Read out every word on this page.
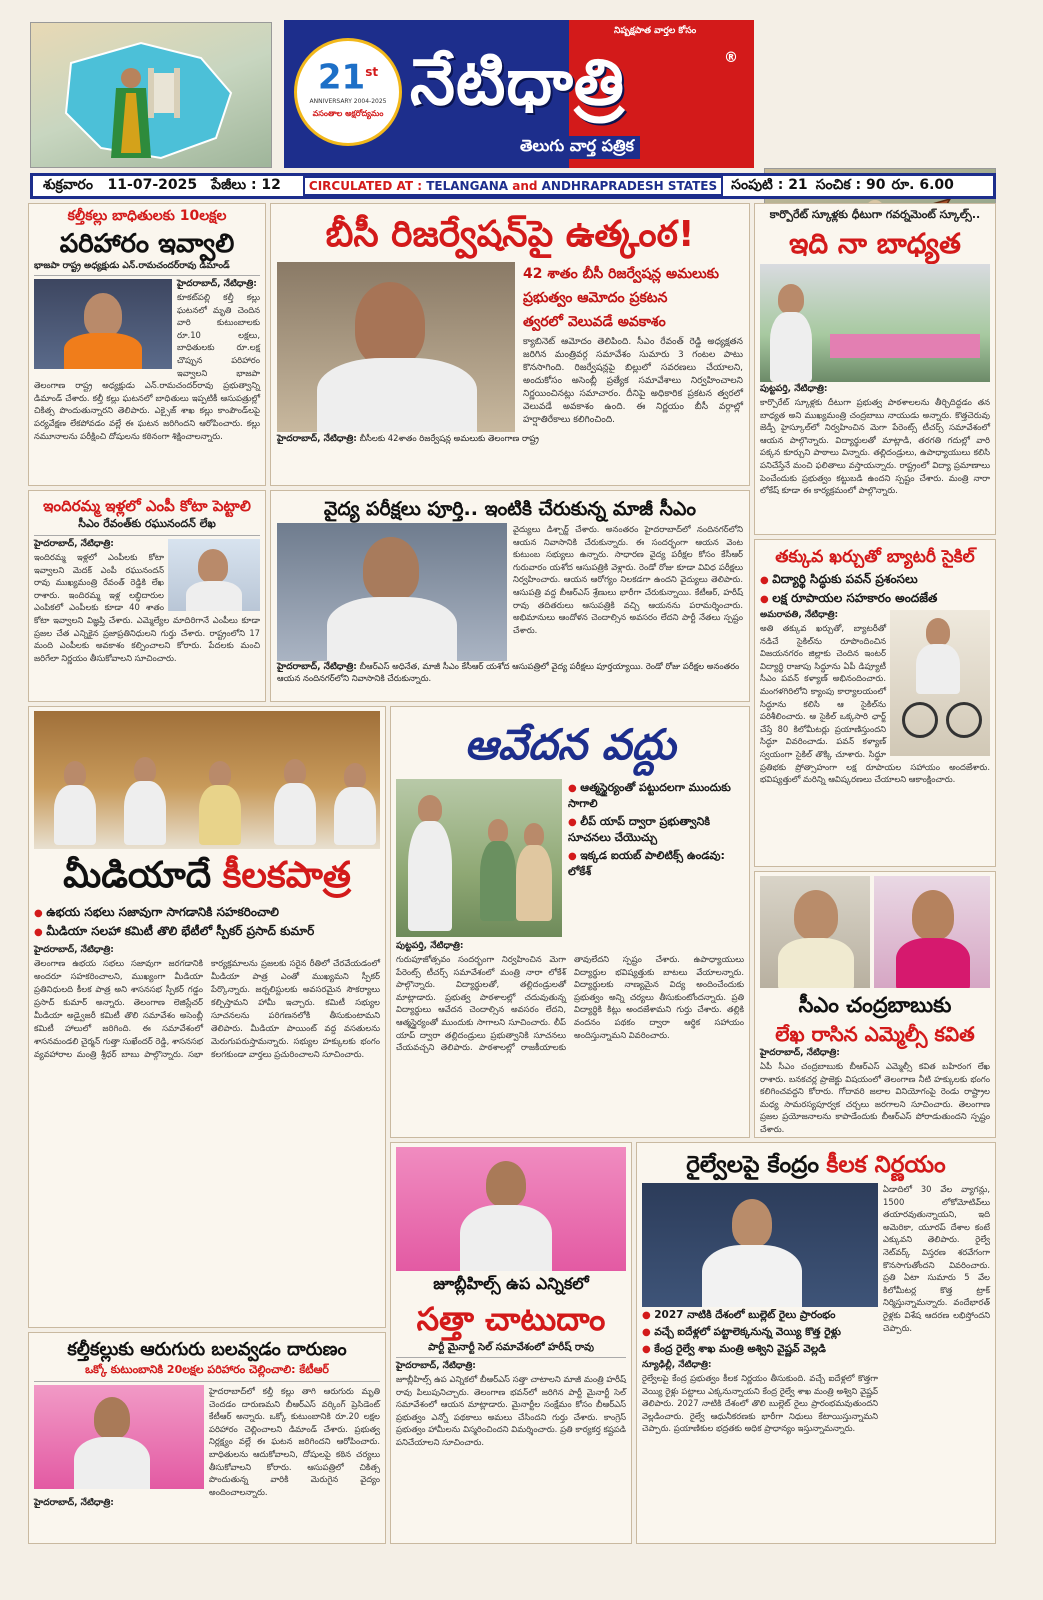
21st
ANNIVERSARY 2004-2025
వసంతాల అక్షరోద్యమం
నిష్పక్షపాత వార్తల కోసం
నేటిధాత్రి	®
తెలుగు వార్త పత్రిక
శుక్రవారం   11-07-2025 పేజీలు : 12 CIRCULATED AT :
TELANGANA
and
ANDHRAPRADESH
STATES సంపుటి : 21 సంచిక : 90 రూ. 6.00
కల్తీకల్లు బాధితులకు 10లక్షల
పరిహారం ఇవ్వాలి
భాజపా రాష్ట్ర అధ్యక్షుడు ఎన్.రామచందర్‌రావు డిమాండ్
హైదరాబాద్, నేటిధాత్రి:
కూకట్‌పల్లి కల్తీ కల్లు ఘటనలో మృతి చెందిన వారి కుటుంబాలకు రూ.10 లక్షలు, బాధితులకు రూ.లక్ష చొప్పున పరిహారం ఇవ్వాలని భాజపా తెలంగాణ రాష్ట్ర అధ్యక్షుడు ఎన్.రామచందర్‌రావు ప్రభుత్వాన్ని డిమాండ్ చేశారు. కల్తీ కల్లు ఘటనలో బాధితులు ఇప్పటికీ ఆసుపత్రుల్లో చికిత్స పొందుతున్నారని తెలిపారు. ఎక్సైజ్ శాఖ కల్లు కాంపౌండ్‌లపై పర్యవేక్షణ లేకపోవడం వల్లే ఈ ఘటన జరిగిందని ఆరోపించారు. కల్లు నమూనాలను పరీక్షించి దోషులను కఠినంగా శిక్షించాలన్నారు.
బీసీ రిజర్వేషన్‌పై ఉత్కంఠ!
42 శాతం బీసీ రిజర్వేషన్ల అమలుకు
ప్రభుత్వం ఆమోదం ప్రకటన
త్వరలో వెలువడే అవకాశం
క్యాబినెట్ ఆమోదం తెలిపింది. సీఎం రేవంత్ రెడ్డి అధ్యక్షతన జరిగిన మంత్రివర్గ సమావేశం సుమారు 3 గంటల పాటు కొనసాగింది. రిజర్వేషన్లపై బిల్లులో సవరణలు చేయాలని, అందుకోసం అసెంబ్లీ ప్రత్యేక సమావేశాలు నిర్వహించాలని నిర్ణయించినట్లు సమాచారం. దీనిపై అధికారిక ప్రకటన త్వరలో వెలువడే అవకాశం ఉంది. ఈ నిర్ణయం బీసీ వర్గాల్లో హర్షాతిరేకాలు కలిగించింది.
హైదరాబాద్, నేటిధాత్రి: బీసీలకు 42శాతం రిజర్వేషన్ల అమలుకు తెలంగాణ రాష్ట్ర
కార్పొరేట్ స్కూళ్లకు ధీటుగా గవర్నమెంట్ స్కూల్స్..
ఇది నా బాధ్యత
పుట్టపర్తి, నేటిధాత్రి:
కార్పొరేట్ స్కూళ్లకు దీటుగా ప్రభుత్వ పాఠశాలలను తీర్చిదిద్దడం తన బాధ్యత అని ముఖ్యమంత్రి చంద్రబాబు నాయుడు అన్నారు. కొత్తచెరువు జెడ్పీ హైస్కూల్‌లో నిర్వహించిన మెగా పేరెంట్స్ టీచర్స్ సమావేశంలో ఆయన పాల్గొన్నారు. విద్యార్థులతో మాట్లాడి, తరగతి గదుల్లో వారి పక్కన కూర్చుని పాఠాలు విన్నారు. తల్లిదండ్రులు, ఉపాధ్యాయులు కలిసి పనిచేస్తేనే మంచి ఫలితాలు వస్తాయన్నారు. రాష్ట్రంలో విద్యా ప్రమాణాలు పెంచేందుకు ప్రభుత్వం కట్టుబడి ఉందని స్పష్టం చేశారు. మంత్రి నారా లోకేష్ కూడా ఈ కార్యక్రమంలో పాల్గొన్నారు.
ఇందిరమ్మ ఇళ్లలో ఎంపీ కోటా పెట్టాలి
సీఎం రేవంత్‌కు రఘునందన్ లేఖ
హైదరాబాద్, నేటిధాత్రి:
ఇందిరమ్మ ఇళ్లలో ఎంపీలకు కోటా ఇవ్వాలని మెదక్ ఎంపీ రఘునందన్ రావు ముఖ్యమంత్రి రేవంత్ రెడ్డికి లేఖ రాశారు. ఇందిరమ్మ ఇళ్ల లబ్ధిదారుల ఎంపికలో ఎంపీలకు కూడా 40 శాతం కోటా ఇవ్వాలని విజ్ఞప్తి చేశారు. ఎమ్మెల్యేల మాదిరిగానే ఎంపీలు కూడా ప్రజల చేత ఎన్నికైన ప్రజాప్రతినిధులని గుర్తు చేశారు. రాష్ట్రంలోని 17 మంది ఎంపీలకు అవకాశం కల్పించాలని కోరారు. పేదలకు మంచి జరిగేలా నిర్ణయం తీసుకోవాలని సూచించారు.
వైద్య పరీక్షలు పూర్తి.. ఇంటికి చేరుకున్న మాజీ సీఎం
వైద్యులు డిశ్చార్జ్ చేశారు. అనంతరం హైదరాబాద్‌లో నందినగర్‌లోని ఆయన నివాసానికి చేరుకున్నారు. ఈ సందర్భంగా ఆయన వెంట కుటుంబ సభ్యులు ఉన్నారు. సాధారణ వైద్య పరీక్షల కోసం కేసీఆర్ గురువారం యశోద ఆసుపత్రికి వెళ్లారు. రెండో రోజు కూడా వివిధ పరీక్షలు నిర్వహించారు. ఆయన ఆరోగ్యం నిలకడగా ఉందని వైద్యులు తెలిపారు. ఆసుపత్రి వద్ద బీఆర్ఎస్ శ్రేణులు భారీగా చేరుకున్నాయి. కేటీఆర్, హరీష్ రావు తదితరులు ఆసుపత్రికి వచ్చి ఆయనను పరామర్శించారు. అభిమానులు ఆందోళన చెందాల్సిన అవసరం లేదని పార్టీ నేతలు స్పష్టం చేశారు.
హైదరాబాద్, నేటిధాత్రి: బీఆర్ఎస్ అధినేత, మాజీ సీఎం కేసీఆర్ యశోద ఆసుపత్రిలో వైద్య పరీక్షలు పూర్తయ్యాయి. రెండో రోజు పరీక్షల అనంతరం ఆయన నందినగర్‌లోని నివాసానికి చేరుకున్నారు.
తక్కువ ఖర్చుతో బ్యాటరీ సైకిల్
● విద్యార్థి సిద్ధుకు పవన్ ప్రశంసలు
● లక్ష రూపాయల సహకారం అందజేత
అమరావతి, నేటిధాత్రి:
అతి తక్కువ ఖర్చుతో, బ్యాటరీతో నడిచే సైకిల్‌ను రూపొందించిన విజయనగరం జిల్లాకు చెందిన ఇంటర్ విద్యార్థి రాజాపు సిద్ధూను ఏపీ డిప్యూటీ సీఎం పవన్ కళ్యాణ్ అభినందించారు. మంగళగిరిలోని క్యాంపు కార్యాలయంలో సిద్ధూను కలిసి ఆ సైకిల్‌ను పరిశీలించారు. ఆ సైకిల్ ఒక్కసారి ఛార్జ్ చేస్తే 80 కిలోమీటర్లు ప్రయాణిస్తుందని సిద్ధూ వివరించాడు. పవన్ కళ్యాణ్ స్వయంగా సైకిల్ తొక్కి చూశారు. సిద్ధూ ప్రతిభకు ప్రోత్సాహంగా లక్ష రూపాయల సహాయం అందజేశారు. భవిష్యత్తులో మరిన్ని ఆవిష్కరణలు చేయాలని ఆకాంక్షించారు.
మీడియాదే కీలకపాత్ర
● ఉభయ సభలు సజావుగా సాగడానికి సహకరించాలి
● మీడియా సలహా కమిటీ తొలి భేటీలో స్పీకర్ ప్రసాద్ కుమార్
హైదరాబాద్, నేటిధాత్రి:
తెలంగాణ ఉభయ సభలు సజావుగా జరగడానికి అందరూ సహకరించాలని, ముఖ్యంగా మీడియా ప్రతినిధులది కీలక పాత్ర అని శాసనసభ స్పీకర్ గడ్డం ప్రసాద్ కుమార్ అన్నారు. తెలంగాణ లెజిస్లేచర్ మీడియా అడ్వైజరీ కమిటీ తొలి సమావేశం అసెంబ్లీ కమిటీ హాలులో జరిగింది. ఈ సమావేశంలో శాసనమండలి చైర్మన్ గుత్తా సుఖేందర్ రెడ్డి, శాసనసభ వ్యవహారాల మంత్రి శ్రీధర్ బాబు పాల్గొన్నారు. సభా కార్యక్రమాలను ప్రజలకు సరైన రీతిలో చేరవేయడంలో మీడియా పాత్ర ఎంతో ముఖ్యమని స్పీకర్ పేర్కొన్నారు. జర్నలిస్టులకు అవసరమైన సౌకర్యాలు కల్పిస్తామని హామీ ఇచ్చారు. కమిటీ సభ్యుల సూచనలను పరిగణనలోకి తీసుకుంటామని తెలిపారు. మీడియా పాయింట్ వద్ద వసతులను మెరుగుపరుస్తామన్నారు. సభ్యుల హక్కులకు భంగం కలగకుండా వార్తలు ప్రచురించాలని సూచించారు.
ఆవేదన వద్దు
● ఆత్మస్థైర్యంతో పట్టుదలగా ముందుకు సాగాలి
● లీప్ యాప్ ద్వారా ప్రభుత్వానికి సూచనలు చేయొచ్చు
● ఇక్కడ ఐయబ్ పాలిటిక్స్ ఉండవు: లోకేశ్
పుట్టపర్తి, నేటిధాత్రి:
గురుపూజోత్సవం సందర్భంగా నిర్వహించిన మెగా పేరెంట్స్ టీచర్స్ సమావేశంలో మంత్రి నారా లోకేశ్ పాల్గొన్నారు. విద్యార్థులతో, తల్లిదండ్రులతో మాట్లాడారు. ప్రభుత్వ పాఠశాలల్లో చదువుతున్న విద్యార్థులు ఆవేదన చెందాల్సిన అవసరం లేదని, ఆత్మస్థైర్యంతో ముందుకు సాగాలని సూచించారు. లీప్ యాప్ ద్వారా తల్లిదండ్రులు ప్రభుత్వానికి సూచనలు చేయవచ్చని తెలిపారు. పాఠశాలల్లో రాజకీయాలకు తావులేదని స్పష్టం చేశారు. ఉపాధ్యాయులు విద్యార్థుల భవిష్యత్తుకు బాటలు వేయాలన్నారు. విద్యార్థులకు నాణ్యమైన విద్య అందించేందుకు ప్రభుత్వం అన్ని చర్యలు తీసుకుంటోందన్నారు. ప్రతి విద్యార్థికి కిట్లు అందజేశామని గుర్తు చేశారు. తల్లికి వందనం పథకం ద్వారా ఆర్థిక సహాయం అందిస్తున్నామని వివరించారు.
సీఎం చంద్రబాబుకు
లేఖ రాసిన ఎమ్మెల్సీ కవిత
హైదరాబాద్, నేటిధాత్రి:
ఏపీ సీఎం చంద్రబాబుకు బీఆర్ఎస్ ఎమ్మెల్సీ కవిత బహిరంగ లేఖ రాశారు. బనకచర్ల ప్రాజెక్టు విషయంలో తెలంగాణ నీటి హక్కులకు భంగం కలిగించవద్దని కోరారు. గోదావరి జలాల వినియోగంపై రెండు రాష్ట్రాల మధ్య సామరస్యపూర్వక చర్చలు జరగాలని సూచించారు. తెలంగాణ ప్రజల ప్రయోజనాలను కాపాడేందుకు బీఆర్ఎస్ పోరాడుతుందని స్పష్టం చేశారు.
జూబ్లీహిల్స్ ఉప ఎన్నికలో
సత్తా చాటుదాం
పార్టీ మైనార్టీ సెల్ సమావేశంలో హరీష్ రావు
హైదరాబాద్, నేటిధాత్రి:
జూబ్లీహిల్స్ ఉప ఎన్నికలో బీఆర్ఎస్ సత్తా చాటాలని మాజీ మంత్రి హరీష్ రావు పిలుపునిచ్చారు. తెలంగాణ భవన్‌లో జరిగిన పార్టీ మైనార్టీ సెల్ సమావేశంలో ఆయన మాట్లాడారు. మైనార్టీల సంక్షేమం కోసం బీఆర్ఎస్ ప్రభుత్వం ఎన్నో పథకాలు అమలు చేసిందని గుర్తు చేశారు. కాంగ్రెస్ ప్రభుత్వం హామీలను విస్మరించిందని విమర్శించారు. ప్రతి కార్యకర్త కష్టపడి పనిచేయాలని సూచించారు.
కల్తీకల్లుకు ఆరుగురు బలవ్వడం దారుణం
ఒక్కో కుటుంబానికి 20లక్షల పరిహారం చెల్లించాలి: కేటీఆర్
హైదరాబాద్‌లో కల్తీ కల్లు తాగి ఆరుగురు మృతి చెందడం దారుణమని బీఆర్ఎస్ వర్కింగ్ ప్రెసిడెంట్ కేటీఆర్ అన్నారు. ఒక్కో కుటుంబానికి రూ.20 లక్షల పరిహారం చెల్లించాలని డిమాండ్ చేశారు. ప్రభుత్వ నిర్లక్ష్యం వల్లే ఈ ఘటన జరిగిందని ఆరోపించారు. బాధితులను ఆదుకోవాలని, దోషులపై కఠిన చర్యలు తీసుకోవాలని కోరారు. ఆసుపత్రిలో చికిత్స పొందుతున్న వారికి మెరుగైన వైద్యం అందించాలన్నారు.
హైదరాబాద్, నేటిధాత్రి:
రైల్వేలపై కేంద్రం కీలక నిర్ణయం
● 2027 నాటికి దేశంలో బుల్లెట్ రైలు ప్రారంభం
● వచ్చే ఐదేళ్లలో పట్టాలెక్కనున్న వెయ్యి కొత్త రైళ్లు
● కేంద్ర రైల్వే శాఖ మంత్రి అశ్విని వైష్ణవ్ వెల్లడి
న్యూఢిల్లీ, నేటిధాత్రి:
రైల్వేలపై కేంద్ర ప్రభుత్వం కీలక నిర్ణయం తీసుకుంది. వచ్చే ఐదేళ్లలో కొత్తగా వెయ్యి రైళ్లు పట్టాలు ఎక్కనున్నాయని కేంద్ర రైల్వే శాఖ మంత్రి అశ్విని వైష్ణవ్ తెలిపారు. 2027 నాటికి దేశంలో తొలి బుల్లెట్ రైలు ప్రారంభమవుతుందని వెల్లడించారు. రైల్వే ఆధునీకరణకు భారీగా నిధులు కేటాయిస్తున్నామని చెప్పారు. ప్రయాణికుల భద్రతకు అధిక ప్రాధాన్యం ఇస్తున్నామన్నారు.
ఏడాదిలో 30 వేల వ్యాగన్లు, 1500 లోకోమోటివ్‌లు తయారవుతున్నాయని, ఇది అమెరికా, యూరప్ దేశాల కంటే ఎక్కువని తెలిపారు. రైల్వే నెట్‌వర్క్ విస్తరణ శరవేగంగా కొనసాగుతోందని వివరించారు. ప్రతి ఏటా సుమారు 5 వేల కిలోమీటర్ల కొత్త ట్రాక్ నిర్మిస్తున్నామన్నారు. వందేభారత్ రైళ్లకు విశేష ఆదరణ లభిస్తోందని చెప్పారు.
